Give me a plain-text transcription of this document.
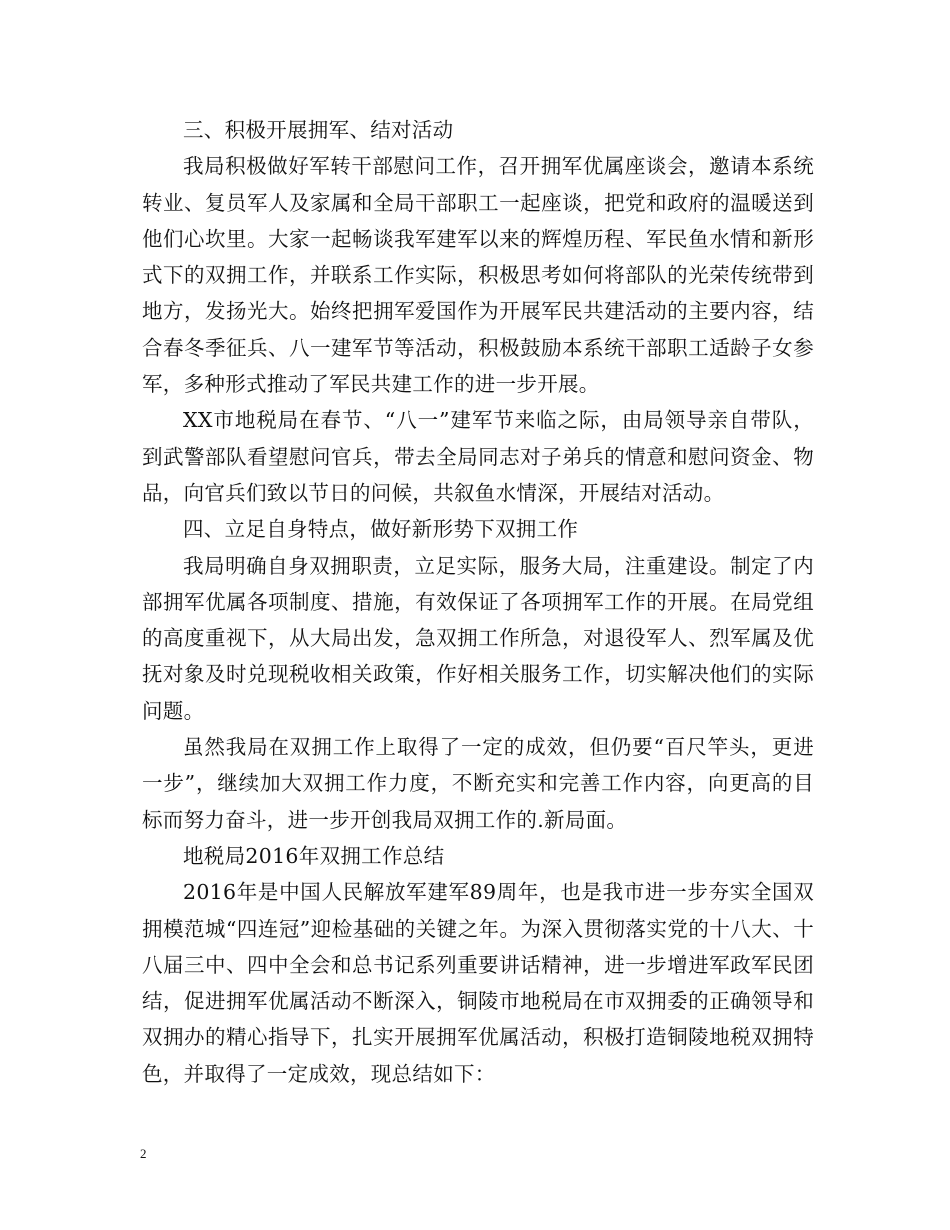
三、积极开展拥军、结对活动

我局积极做好军转干部慰问工作，召开拥军优属座谈会，邀请本系统转业、复员军人及家属和全局干部职工一起座谈，把党和政府的温暖送到他们心坎里。大家一起畅谈我军建军以来的辉煌历程、军民鱼水情和新形式下的双拥工作，并联系工作实际，积极思考如何将部队的光荣传统带到地方，发扬光大。始终把拥军爱国作为开展军民共建活动的主要内容，结合春冬季征兵、八一建军节等活动，积极鼓励本系统干部职工适龄子女参军，多种形式推动了军民共建工作的进一步开展。

XX市地税局在春节、“八一”建军节来临之际，由局领导亲自带队，到武警部队看望慰问官兵，带去全局同志对子弟兵的情意和慰问资金、物品，向官兵们致以节日的问候，共叙鱼水情深，开展结对活动。

四、立足自身特点，做好新形势下双拥工作

我局明确自身双拥职责，立足实际，服务大局，注重建设。制定了内部拥军优属各项制度、措施，有效保证了各项拥军工作的开展。在局党组的高度重视下，从大局出发，急双拥工作所急，对退役军人、烈军属及优抚对象及时兑现税收相关政策，作好相关服务工作，切实解决他们的实际问题。

虽然我局在双拥工作上取得了一定的成效，但仍要“百尺竿头，更进一步”，继续加大双拥工作力度，不断充实和完善工作内容，向更高的目标而努力奋斗，进一步开创我局双拥工作的.新局面。

地税局2016年双拥工作总结

2016年是中国人民解放军建军89周年，也是我市进一步夯实全国双拥模范城“四连冠”迎检基础的关键之年。为深入贯彻落实党的十八大、十八届三中、四中全会和总书记系列重要讲话精神，进一步增进军政军民团结，促进拥军优属活动不断深入，铜陵市地税局在市双拥委的正确领导和双拥办的精心指导下，扎实开展拥军优属活动，积极打造铜陵地税双拥特色，并取得了一定成效，现总结如下：

2
